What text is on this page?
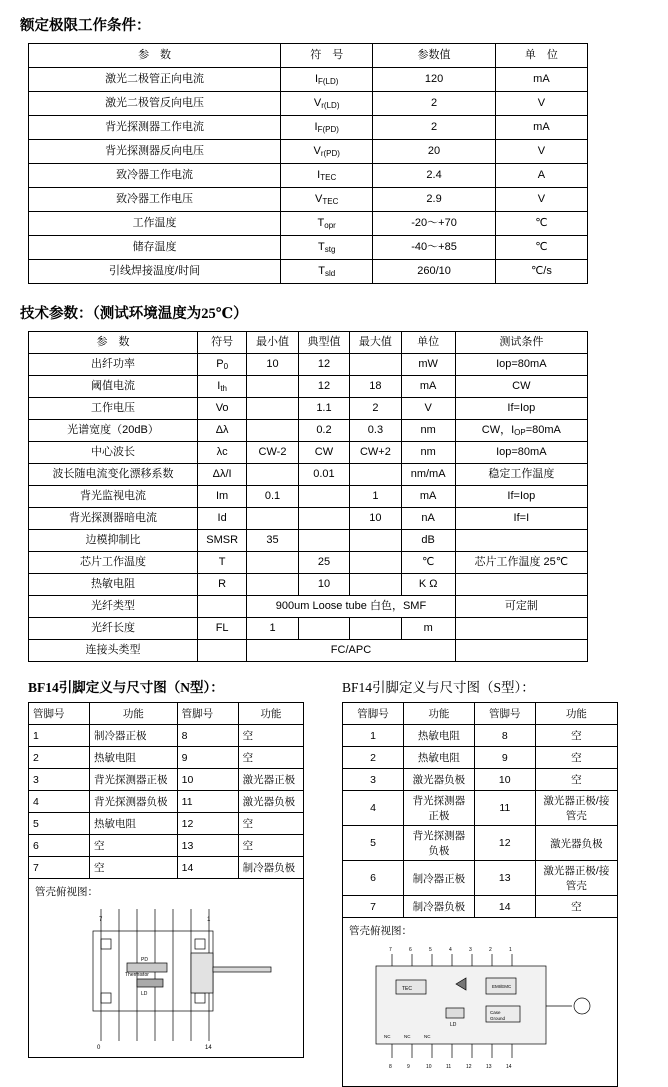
额定极限工作条件：
参　数	符　号	参数值	单　位
激光二极管正向电流	$I_{F(LD)}$	120	mA
激光二极管反向电压	$V_{r(LD)}$	2	V
背光探测器工作电流	$I_{F(PD)}$	2	mA
背光探测器反向电压	$V_{r(PD)}$	20	V
致冷器工作电流	$I_{TEC}$	2.4	A
致冷器工作电压	$V_{TEC}$	2.9	V
工作温度	$T_{opr}$	-20～+70	℃
储存温度	$T_{stg}$	-40～+85	℃
引线焊接温度/时间	$T_{sld}$	260/10	℃/s
技术参数：（测试环境温度为25℃）
参　数	符号	最小值	典型值	最大值	单位	测试条件
出纤功率	$P_0$	10	12		mW	Iop=80mA
阈值电流	$I_{th}$		12	18	mA	CW
工作电压	Vo		1.1	2	V	If=Iop
光谱宽度（20dB）	Δλ		0.2	0.3	nm	CW，$I_{OP}=80mA$
中心波长	λc	CW-2	CW	CW+2	nm	Iop=80mA
波长随电流变化漂移系数	Δλ/I		0.01		nm/mA	稳定工作温度
背光监视电流	Im	0.1		1	mA	If=Iop
背光探测器暗电流	Id			10	nA	If=I
边模抑制比	SMSR	35			dB	
芯片工作温度	T		25		℃	芯片工作温度 25℃
热敏电阻	R		10		K Ω	
光纤类型		900um Loose tube 白色，SMF				可定制
光纤长度	FL	1			m	
连接头类型		FC/APC				
BF14引脚定义与尺寸图（N型）：
管脚号	功能	管脚号	功能
1	制冷器正极	8	空
2	热敏电阻	9	空
3	背光探测器正极	10	激光器正极
4	背光探测器负极	11	激光器负极
5	热敏电阻	12	空
6	空	13	空
7	空	14	制冷器负极
管壳俯视图：
PD
Thermistor
LD
7	1
0	14
BF14引脚定义与尺寸图（S型）：
管脚号	功能	管脚号	功能
1	热敏电阻	8	空
2	热敏电阻	9	空
3	激光器负极	10	空
4	背光探测器正极	11	激光器正极/接管壳
5	背光探测器负极	12	激光器负极
6	制冷器正极	13	激光器正极/接管壳
7	制冷器负极	14	空
管壳俯视图：
TEC
LD
Case
Ground
EMI/EMC
7	6	5	4	3	2	1
8	9	10	11	12	13	14
NC	NC	NC
